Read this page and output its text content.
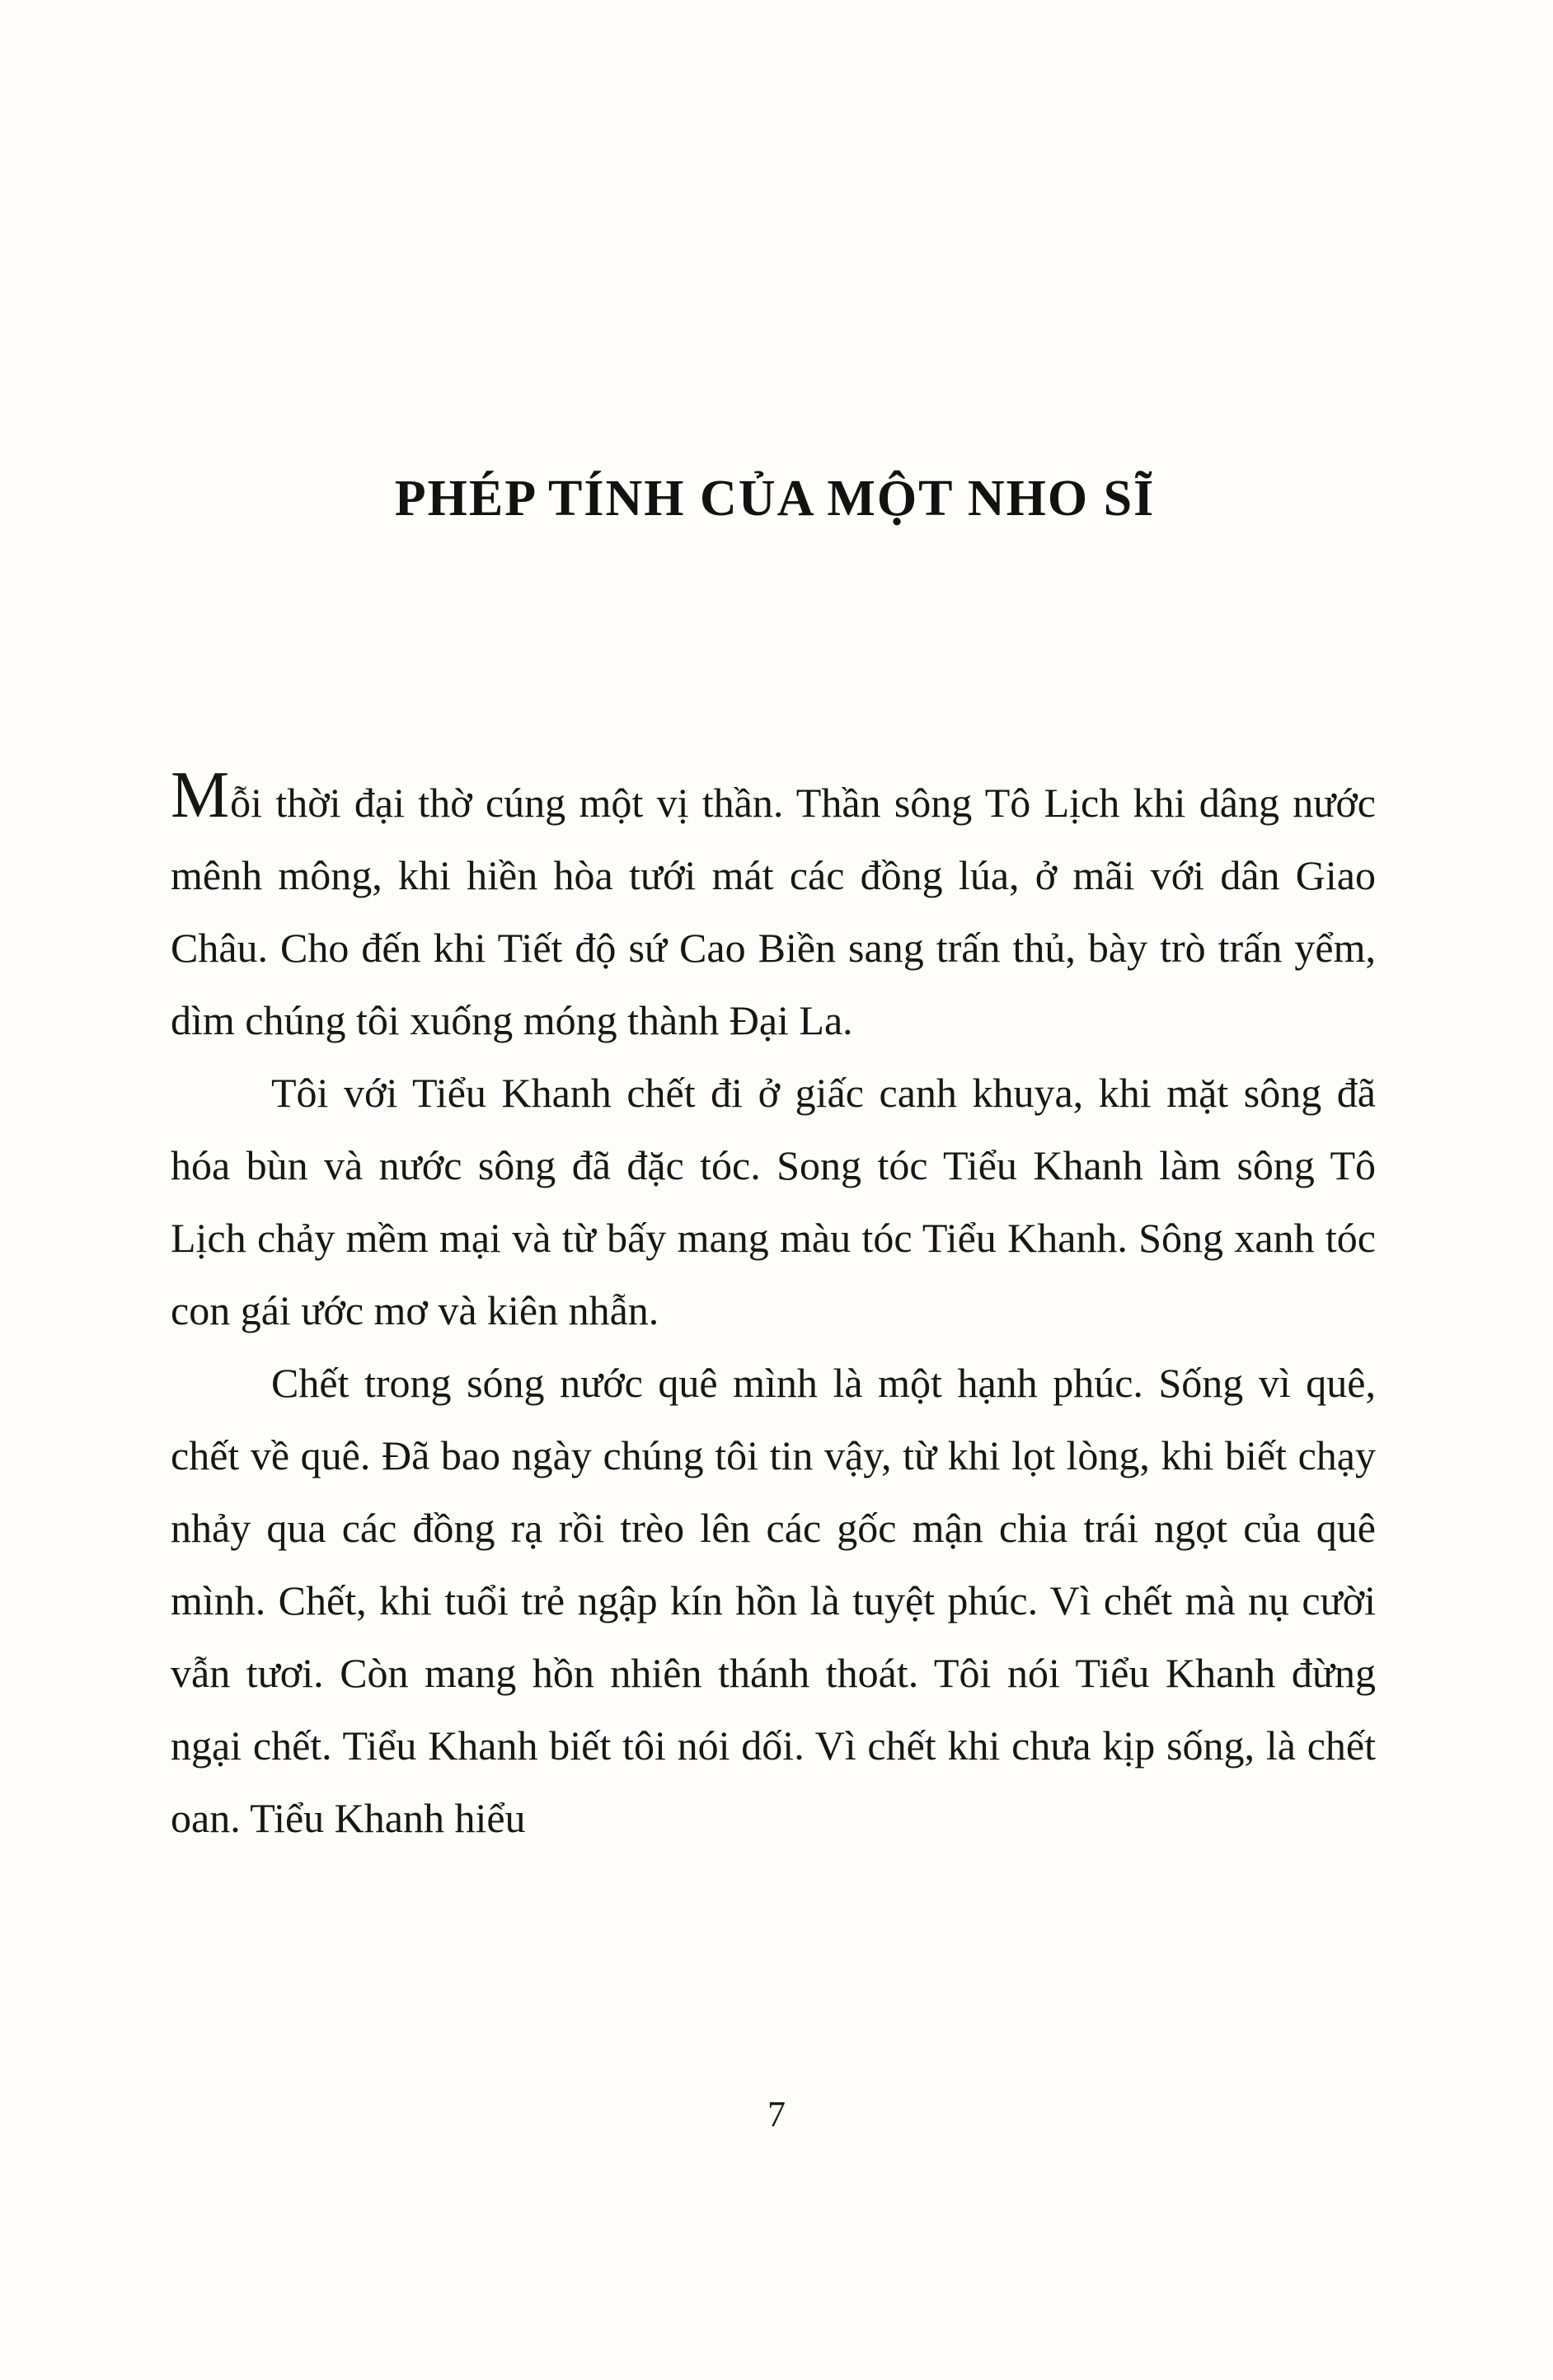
PHÉP TÍNH CỦA MỘT NHO SĨ

Mỗi thời đại thờ cúng một vị thần. Thần sông Tô Lịch khi dâng nước mênh mông, khi hiền hòa tưới mát các đồng lúa, ở mãi với dân Giao Châu. Cho đến khi Tiết độ sứ Cao Biền sang trấn thủ, bày trò trấn yểm, dìm chúng tôi xuống móng thành Đại La.

Tôi với Tiểu Khanh chết đi ở giấc canh khuya, khi mặt sông đã hóa bùn và nước sông đã đặc tóc. Song tóc Tiểu Khanh làm sông Tô Lịch chảy mềm mại và từ bấy mang màu tóc Tiểu Khanh. Sông xanh tóc con gái ước mơ và kiên nhẫn.

Chết trong sóng nước quê mình là một hạnh phúc. Sống vì quê, chết về quê. Đã bao ngày chúng tôi tin vậy, từ khi lọt lòng, khi biết chạy nhảy qua các đồng rạ rồi trèo lên các gốc mận chia trái ngọt của quê mình. Chết, khi tuổi trẻ ngập kín hồn là tuyệt phúc. Vì chết mà nụ cười vẫn tươi. Còn mang hồn nhiên thánh thoát. Tôi nói Tiểu Khanh đừng ngại chết. Tiểu Khanh biết tôi nói dối. Vì chết khi chưa kịp sống, là chết oan. Tiểu Khanh hiểu

7
